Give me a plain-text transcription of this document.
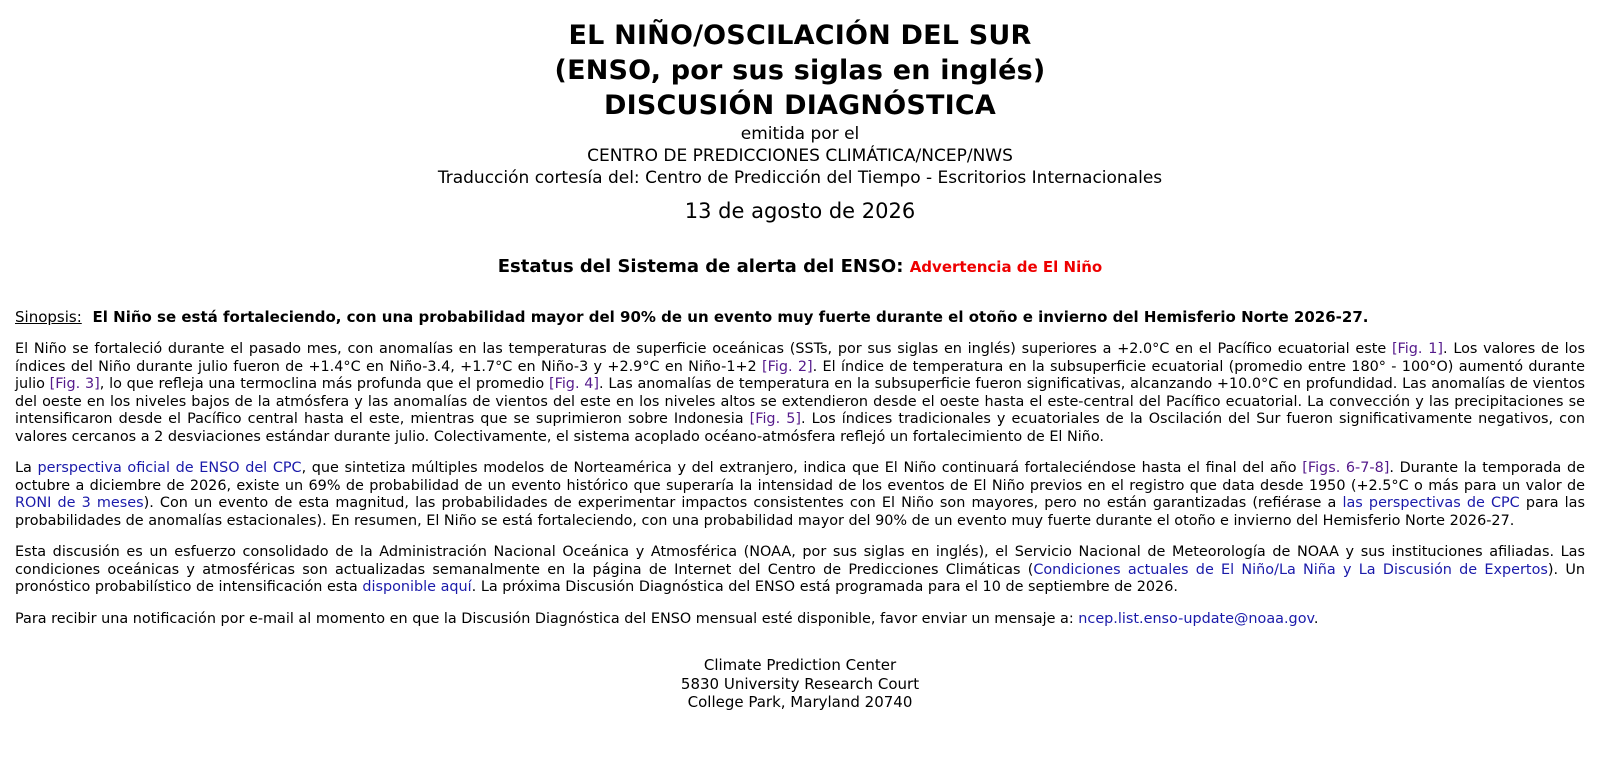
EL NIÑO/OSCILACIÓN DEL SUR
(ENSO, por sus siglas en inglés)
DISCUSIÓN DIAGNÓSTICA
emitida por el
CENTRO DE PREDICCIONES CLIMÁTICA/NCEP/NWS
Traducción cortesía del: Centro de Predicción del Tiempo - Escritorios Internacionales
13 de agosto de 2026
Estatus del Sistema de alerta del ENSO: Advertencia de El Niño
Sinopsis: El Niño se está fortaleciendo, con una probabilidad mayor del 90% de un evento muy fuerte durante el otoño e invierno del Hemisferio Norte 2026-27.

El Niño se fortaleció durante el pasado mes, con anomalías en las temperaturas de superficie oceánicas (SSTs, por sus siglas en inglés) superiores a +2.0°C en el Pacífico ecuatorial este [Fig. 1]. Los valores de los índices del Niño durante julio fueron de +1.4°C en Niño-3.4, +1.7°C en Niño-3 y +2.9°C en Niño-1+2 [Fig. 2]. El índice de temperatura en la subsuperficie ecuatorial (promedio entre 180° - 100°O) aumentó durante julio [Fig. 3], lo que refleja una termoclina más profunda que el promedio [Fig. 4]. Las anomalías de temperatura en la subsuperficie fueron significativas, alcanzando +10.0°C en profundidad. Las anomalías de vientos del oeste en los niveles bajos de la atmósfera y las anomalías de vientos del este en los niveles altos se extendieron desde el oeste hasta el este-central del Pacífico ecuatorial. La convección y las precipitaciones se intensificaron desde el Pacífico central hasta el este, mientras que se suprimieron sobre Indonesia [Fig. 5]. Los índices tradicionales y ecuatoriales de la Oscilación del Sur fueron significativamente negativos, con valores cercanos a 2 desviaciones estándar durante julio. Colectivamente, el sistema acoplado océano-atmósfera reflejó un fortalecimiento de El Niño.

La perspectiva oficial de ENSO del CPC, que sintetiza múltiples modelos de Norteamérica y del extranjero, indica que El Niño continuará fortaleciéndose hasta el final del año [Figs. 6-7-8]. Durante la temporada de octubre a diciembre de 2026, existe un 69% de probabilidad de un evento histórico que superaría la intensidad de los eventos de El Niño previos en el registro que data desde 1950 (+2.5°C o más para un valor de RONI de 3 meses). Con un evento de esta magnitud, las probabilidades de experimentar impactos consistentes con El Niño son mayores, pero no están garantizadas (refiérase a las perspectivas de CPC para las probabilidades de anomalías estacionales). En resumen, El Niño se está fortaleciendo, con una probabilidad mayor del 90% de un evento muy fuerte durante el otoño e invierno del Hemisferio Norte 2026-27.

Esta discusión es un esfuerzo consolidado de la Administración Nacional Oceánica y Atmosférica (NOAA, por sus siglas en inglés), el Servicio Nacional de Meteorología de NOAA y sus instituciones afiliadas. Las condiciones oceánicas y atmosféricas son actualizadas semanalmente en la página de Internet del Centro de Predicciones Climáticas (Condiciones actuales de El Niño/La Niña y La Discusión de Expertos). Un pronóstico probabilístico de intensificación esta disponible aquí. La próxima Discusión Diagnóstica del ENSO está programada para el 10 de septiembre de 2026.

Para recibir una notificación por e-mail al momento en que la Discusión Diagnóstica del ENSO mensual esté disponible, favor enviar un mensaje a: ncep.list.enso-update@noaa.gov.

Climate Prediction Center
5830 University Research Court
College Park, Maryland 20740
